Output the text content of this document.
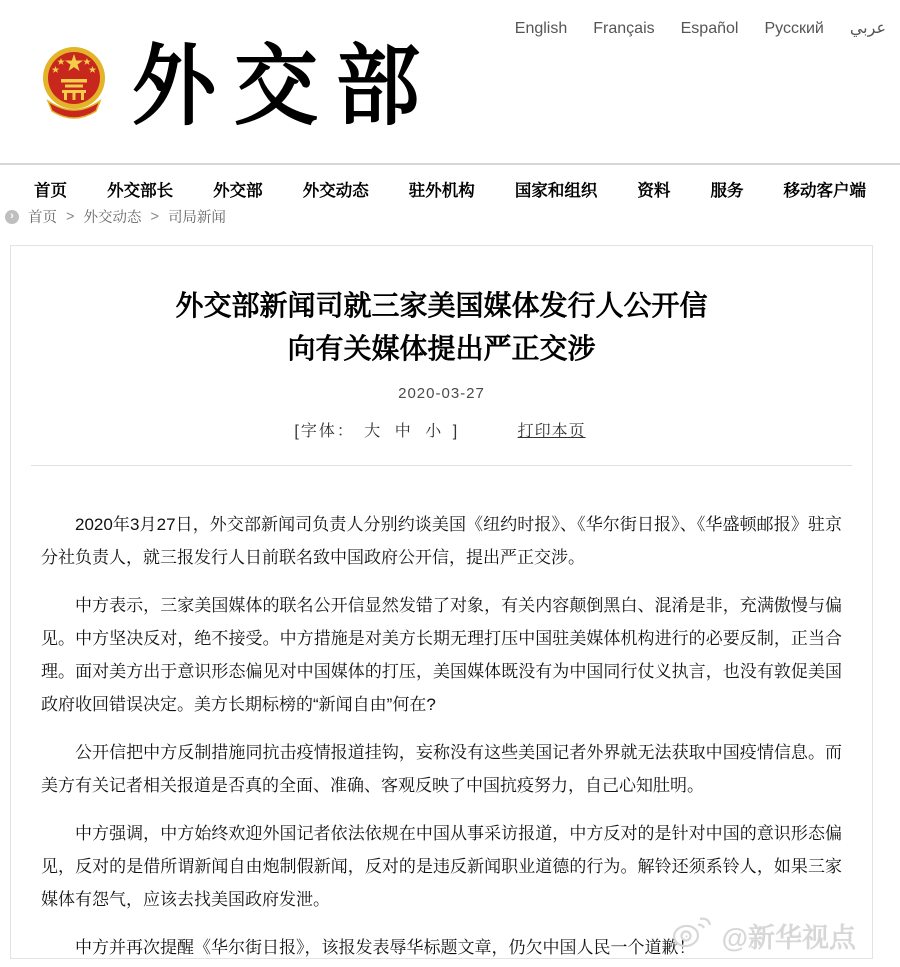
English Français Español Русский عربي
外交部
首页 外交部长 外交部 外交动态 驻外机构 国家和组织 资料 服务 移动客户端
› 首页 > 外交动态 > 司局新闻
外交部新闻司就三家美国媒体发行人公开信
向有关媒体提出严正交涉
2020-03-27
[字体： 大 中 小 ]	打印本页

2020年3月27日，外交部新闻司负责人分别约谈美国《纽约时报》、《华尔街日报》、《华盛顿邮报》驻京分社负责人，就三报发行人日前联名致中国政府公开信，提出严正交涉。

中方表示，三家美国媒体的联名公开信显然发错了对象，有关内容颠倒黑白、混淆是非，充满傲慢与偏见。中方坚决反对，绝不接受。中方措施是对美方长期无理打压中国驻美媒体机构进行的必要反制，正当合理。面对美方出于意识形态偏见对中国媒体的打压，美国媒体既没有为中国同行仗义执言，也没有敦促美国政府收回错误决定。美方长期标榜的“新闻自由”何在?

公开信把中方反制措施同抗击疫情报道挂钩，妄称没有这些美国记者外界就无法获取中国疫情信息。而美方有关记者相关报道是否真的全面、准确、客观反映了中国抗疫努力，自己心知肚明。

中方强调，中方始终欢迎外国记者依法依规在中国从事采访报道，中方反对的是针对中国的意识形态偏见，反对的是借所谓新闻自由炮制假新闻，反对的是违反新闻职业道德的行为。解铃还须系铃人，如果三家媒体有怨气，应该去找美国政府发泄。

中方并再次提醒《华尔街日报》，该报发表辱华标题文章，仍欠中国人民一个道歉！ @新华视点
